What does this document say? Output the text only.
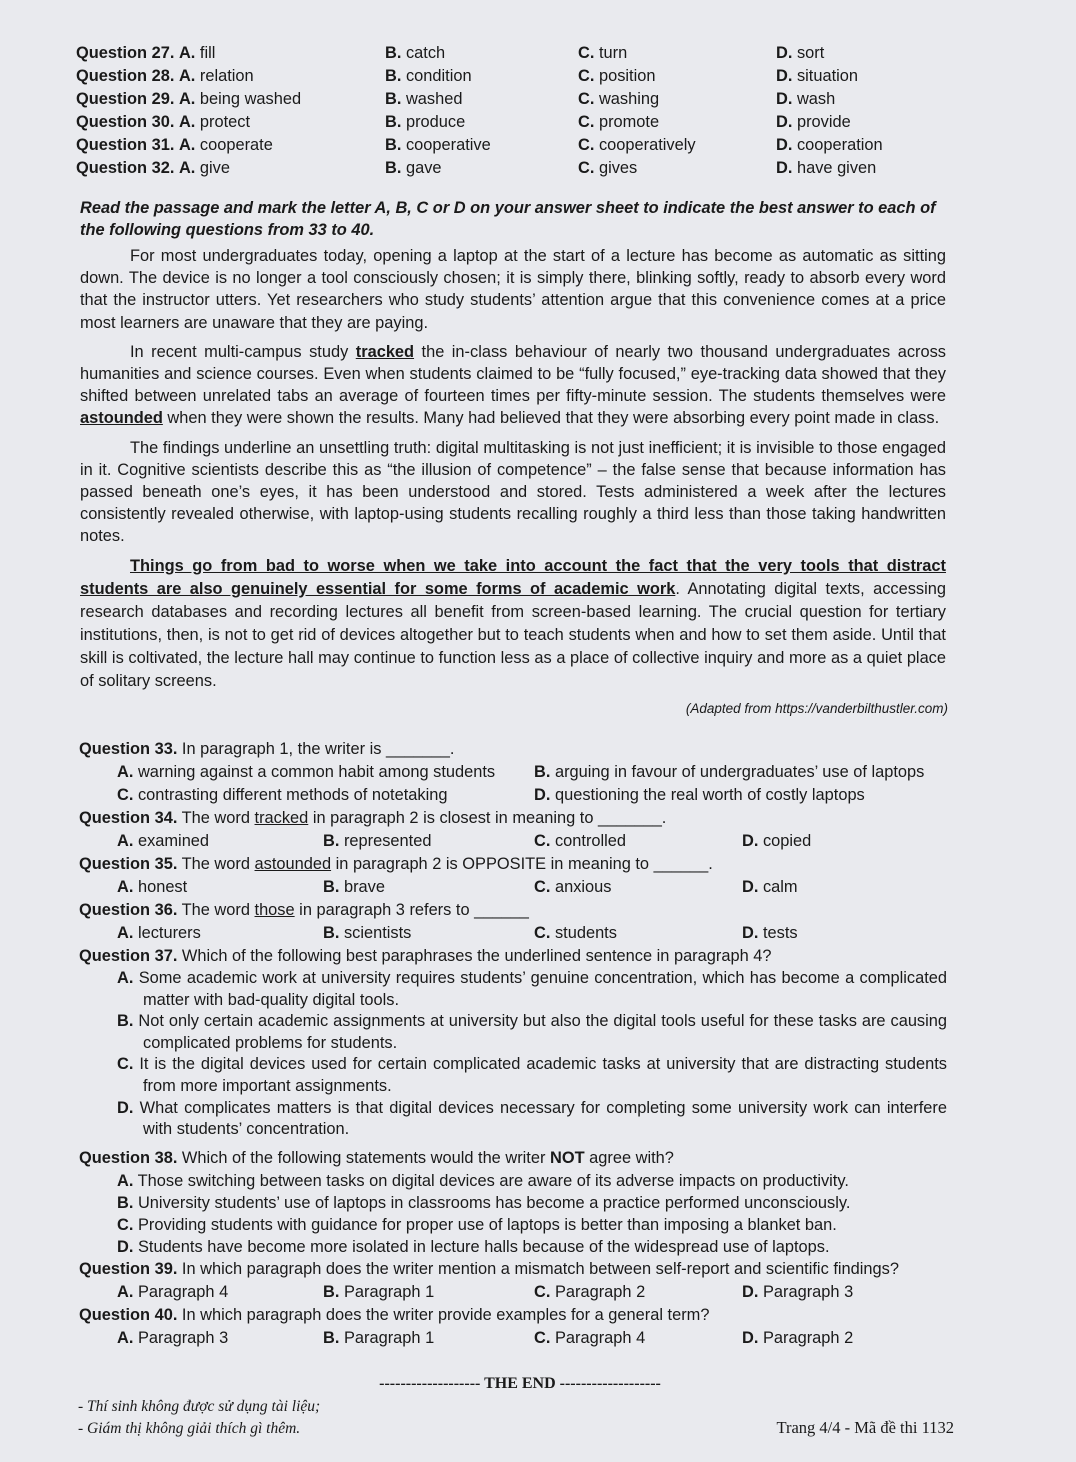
Question 27. A. fill	B. catch	C. turn	D. sort
Question 28. A. relation	B. condition	C. position	D. situation
Question 29. A. being washed	B. washed	C. washing	D. wash
Question 30. A. protect	B. produce	C. promote	D. provide
Question 31. A. cooperate	B. cooperative	C. cooperatively	D. cooperation
Question 32. A. give	B. gave	C. gives	D. have given
Read the passage and mark the letter A, B, C or D on your answer sheet to indicate the best answer to each of the following questions from 33 to 40.

For most undergraduates today, opening a laptop at the start of a lecture has become as automatic as sitting down. The device is no longer a tool consciously chosen; it is simply there, blinking softly, ready to absorb every word that the instructor utters. Yet researchers who study students’ attention argue that this convenience comes at a price most learners are unaware that they are paying.

In recent multi-campus study tracked the in-class behaviour of nearly two thousand undergraduates across humanities and science courses. Even when students claimed to be “fully focused,” eye-tracking data showed that they shifted between unrelated tabs an average of fourteen times per fifty-minute session. The students themselves were astounded when they were shown the results. Many had believed that they were absorbing every point made in class.

The findings underline an unsettling truth: digital multitasking is not just inefficient; it is invisible to those engaged in it. Cognitive scientists describe this as “the illusion of competence” – the false sense that because information has passed beneath one’s eyes, it has been understood and stored. Tests administered a week after the lectures consistently revealed otherwise, with laptop-using students recalling roughly a third less than those taking handwritten notes.

Things go from bad to worse when we take into account the fact that the very tools that distract students are also genuinely essential for some forms of academic work. Annotating digital texts, accessing research databases and recording lectures all benefit from screen-based learning. The crucial question for tertiary institutions, then, is not to get rid of devices altogether but to teach students when and how to set them aside. Until that skill is coltivated, the lecture hall may continue to function less as a place of collective inquiry and more as a quiet place of solitary screens.

(Adapted from https://vanderbilthustler.com)

Question 33. In paragraph 1, the writer is _______.

A. warning against a common habit among students B. arguing in favour of undergraduates’ use of laptops
C. contrasting different methods of notetaking	D. questioning the real worth of costly laptops

Question 34. The word tracked in paragraph 2 is closest in meaning to _______.

A. examined	B. represented	C. controlled	D. copied

Question 35. The word astounded in paragraph 2 is OPPOSITE in meaning to ______.

A. honest	B. brave	C. anxious	D. calm

Question 36. The word those in paragraph 3 refers to ______

A. lecturers	B. scientists	C. students	D. tests

Question 37. Which of the following best paraphrases the underlined sentence in paragraph 4?

A. Some academic work at university requires students’ genuine concentration, which has become a complicated matter with bad-quality digital tools.
B. Not only certain academic assignments at university but also the digital tools useful for these tasks are causing complicated problems for students.
C. It is the digital devices used for certain complicated academic tasks at university that are distracting students from more important assignments.
D. What complicates matters is that digital devices necessary for completing some university work can interfere with students’ concentration.

Question 38. Which of the following statements would the writer NOT agree with?

A. Those switching between tasks on digital devices are aware of its adverse impacts on productivity.
B. University students’ use of laptops in classrooms has become a practice performed unconsciously.
C. Providing students with guidance for proper use of laptops is better than imposing a blanket ban.
D. Students have become more isolated in lecture halls because of the widespread use of laptops.

Question 39. In which paragraph does the writer mention a mismatch between self-report and scientific findings?

A. Paragraph 4	B. Paragraph 1	C. Paragraph 2	D. Paragraph 3

Question 40. In which paragraph does the writer provide examples for a general term?

A. Paragraph 3	B. Paragraph 1	C. Paragraph 4	D. Paragraph 2
------------------- THE END -------------------
- Thí sinh không được sử dụng tài liệu;
- Giám thị không giải thích gì thêm.	Trang 4/4 - Mã đề thi 1132
